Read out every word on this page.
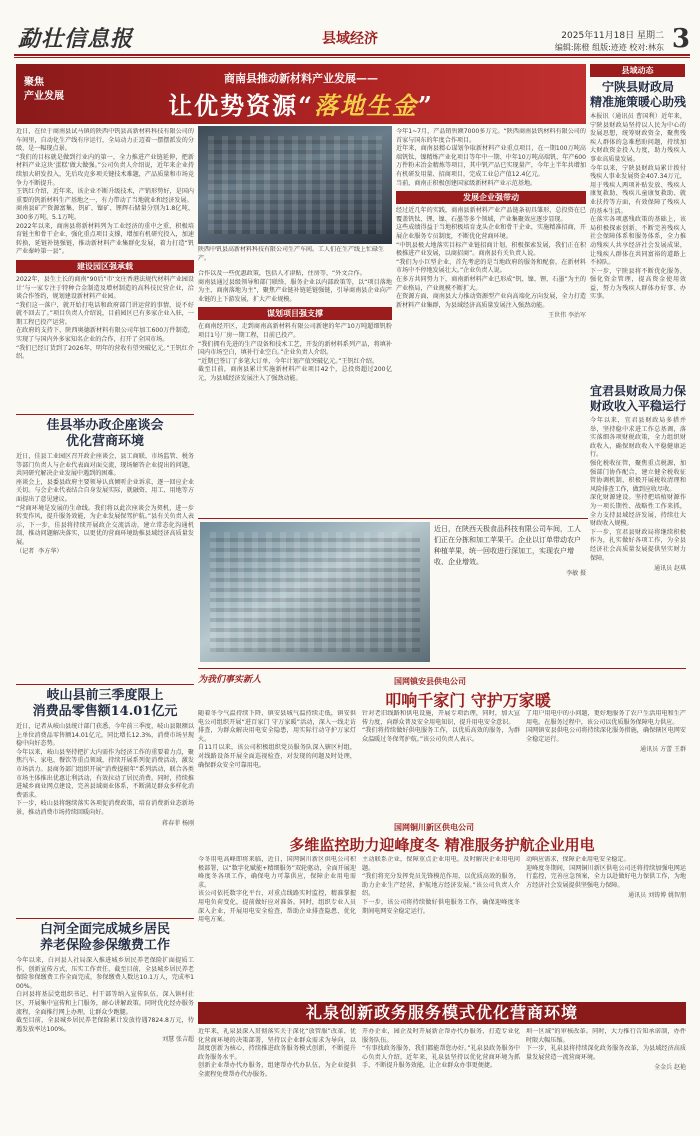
勐壮信息报	县域经济	2025年11月18日 星期二
编辑:陈橙 组版:迹迹 校对:林东 3
聚焦
产业发展
商南县推动新材料产业发展——
让优势资源“落地生金”
县域动态
近日，在位于商南县试马镇的陕西中钒县高新材料科技有限公司的车间里，自动化生产线有序运行，全局动力正迈着一摆摆派发的分级，是一幅现点景。
“我们的目标就是做到行业内的第一，全力推进产业链延伸，把新材料产业这块‘蛋糕’做大做强。”公司负责人介绍说，近年来企业持续加大研发投入，先后攻克多项关键技术难题，产品质量和市场竞争力不断提升。
王钒红介绍，近年来，该企业不断升级技术，产销形势好，是国内重要的钒新材料生产基地之一，有力带动了当地就业和经济发展。
商南县矿产资源富集，钒矿、镍矿、锂辉石储量分别为1.8亿吨、300多万吨、5.1万吨。
2022年以来，商南县将新材料列为工业经济的重中之重，积极培育链主和骨干企业，强化重点项目支撑，增加有机研究投入，加速转换，延链补链强链，推动新材料产业集群化发展，着力打造“钒产业秦岭第一县”。
建设园区强承载
2022年，县生土长的商南“90后”市‘文庄香港法规代材料产业园设计’与一家专注于特种合金制造及增材制造的高科技民营企业，洽谈合作签约，规划建设新材料产业园。
“我们这一落户，就开始打电话和政府部门讲运营的事情，说不好就不回去了。”项目负责人介绍说，目前园区已有多家企业入驻，一期工程已投产运营。
在政府的支持下，陕西奥德新材料有限公司年加工600万件制造，实现了与国内外多家知名企业的合作，打开了全国市场。
“我们已经订货到了2026年，明年的营收有望突破亿元。”王钒红介绍。
陕西中钒县高新材料科技有限公司生产车间。工人们在生产线上忙碌生产。
合作以及一些优惠政策，包括人才津贴，住房等，“外文合作。
商南县通过县级领导和部门联络，服务企业以内部政策等，以“项目落地为主、商南落地为主”，聚焦产业链补链延链强链，引导商南县企业向产业链的上下游发展，扩大产业规模。
谋划项目强支撑
在商南经开区，走到商南高新材料有限公司新建的年产10万吨超细钒粉项目1号厂房一期工程，目前已投产。
“我们拥有先进的生产设备和技术工艺，开发的新材料系列产品，将填补国内市场空白，填补行业空白。”企业负责人介绍。
“近期已签订了多笔大订单，今年计划产值突破亿元。”王钒红介绍。
截至目前，商南县累计实施新材料产业项目42个，总投资超过200亿元，为县域经济发展注入了强劲动能。
今年1~7月，产品销售额7000多万元。“陕西商南县钒材料有限公司的首家与国东的年度合作项目。
近年来，商南县精心谋划争取新材料产业重点项目，在一期100万吨高端钒钛、镍精炼产业化项目等年中一期、中年10万吨高端钒、年产600万件粉末冶金精炼等项目，其中钒产品已实现量产，今年上半年共增加有机研发用量、招商项目，完成工业总产值12.4亿元。
当前，商南正积极创建国家级新材料产业示范基地。
发展企业强带动
经过近几年的实践，商南县新材料产业产品链条初具雏形，总投资在已覆盖钒钛、锂、镍、石墨等多个领域，产业集聚效应逐步显现。
这些成绩得益于当地积极培育龙头企业和骨干企业，实施精准招商，开展企业服务专员制度，不断优化营商环境。
“中钒县极大地落实目标产业链招商计划，积极探索发展，我们正在积极推进产业发展，以商招商”。商南县有关负责人说。
“我们为小巨型企业，首先考虑的是当地政府的服务和配套，在新材料市场中不停地发展壮大。”企业负责人说。
在多方共同努力下，商南新材料产业已形成“钒、镍、锂、石墨”为主的产业格局，产业规模不断扩大。
在资源方面，商南县大力推动资源型产业向高端化方向发展，全力打造新材料产业集群，为县域经济高质量发展注入强劲动能。
王世伟 李治军
宁陕县财政局
精准施策暖心助残
本报讯（通讯员 曹国利）近年来，宁陕县财政局坚持以人民为中心的发展思想，统筹财政资金，聚焦残疾人群体的急难愁盼问题，持续加大财政资金投入力度，助力残疾人事业高质量发展。
今年以来，宁陕县财政局累计拨付残疾人事业发展资金407.34万元，用于残疾人两项补贴发放、残疾人康复救助、残疾儿童康复救助、就业扶持等方面，有效保障了残疾人的基本生活。
在落实各项惠残政策的基础上，该局积极探索创新，不断完善残疾人社会保障体系和服务体系，全力推动残疾人共享经济社会发展成果，让残疾人群体在共同富裕的道路上不掉队。
下一步，宁陕县将不断优化服务，强化资金管理，提高资金使用效益，努力为残疾人群体办好事、办实事。
宜君县财政局力保
财政收入平稳运行
今年以来，宜君县财政局多措并举，坚持稳中求进工作总基调，落实落细各项财税政策，全力组织财政收入，确保财政收入平稳健康运行。
强化税收征管，聚焦重点税源，加强部门协作配合，建立健全税收征管协调机制，积极开展税收清理和风险排查工作，做到应收尽收。
深化财源建设。坚持把培植财源作为一项长期性、战略性工作来抓，全力支持县域经济发展，持续壮大财政收入规模。
下一步，宜君县财政局将继续积极作为，扎实做好各项工作，为全县经济社会高质量发展提供坚实财力保障。
通讯员 赵琪
佳县举办政企座谈会
优化营商环境
近日，佳县工业园区召开政企座谈会，县工商联、市场监管、税务等部门负责人与企业代表面对面交流，现场解答企业提出的问题，共同研究解决企业发展中遇到的困难。
座谈会上，县委县政府主要领导认真倾听企业诉求，逐一回应企业关切。与会企业代表结合自身发展实际，就融资、用工、用地等方面提出了意见建议。
“营商环境是发展的生命线。我们将以此次座谈会为契机，进一步转变作风，提升服务效能，为企业发展保驾护航。”县有关负责人表示，下一步，佳县将持续开展政企交流活动，建立常态化沟通机制，推动问题解决落实，以更优的营商环境助推县域经济高质量发展。
（记者  李方华）
岐山县前三季度限上
消费品零售额14.01亿元
近日，记者从岐山县统计部门获悉，今年前三季度，岐山县限额以上单位消费品零售额14.01亿元，同比增长12.3%，消费市场呈现稳中向好态势。
今年以来，岐山县坚持把扩大内需作为经济工作的重要着力点，聚焦汽车、家电、餐饮等重点领域，持续开展系列促消费活动，激发市场活力。县商务部门组织开展“消费提振年”系列活动，联合各类市场主体推出优惠让利活动，有效拉动了居民消费。同时，持续推进城乡商业网点建设，完善县域商业体系，不断满足群众多样化消费需求。
下一步，岐山县将继续落实各项促消费政策，培育消费新业态新场景，推动消费市场持续回暖向好。
蒋春菲 杨刚
白河全面完成城乡居民
养老保险参保缴费工作
今年以来，白河县人社局深入推进城乡居民养老保险扩面提质工作，创新宣传方式，压实工作责任，截至目前，全县城乡居民养老保险参保缴费工作全面完成，参保缴费人数达10.1万人，完成率100%。
白河县将基层党组织书记、村干部等纳入宣传队伍，深入镇村社区，开展集中宣传和上门服务，耐心讲解政策。同时优化经办服务流程，全面推行网上办理，让群众少跑腿。
截至目前，全县城乡居民养老保险累计发放待遇7824.8万元，待遇发放率达100%。
刘慧 张吉超
近日，在陕西天极食品科技有限公司车间，工人们正在分拣和加工苹果干。企业以订单带动农户种植苹果，统一回收进行深加工，实现农户增收、企业增效。
李敏 摄
为我们事实新人	国网镇安县供电公司
叩响千家门 守护万家暖
随着冬令气温持续下降，镇安县城气温持续走低，镇安供电公司组织开展“进百家门 守万家暖”活动，深入一线走访排查，为群众解决用电安全隐患，用实际行动守护万家灯火。
自11月以来，该公司积极组织党员服务队深入辖区村组，对线路设备开展全面巡视检查，对发现的问题及时处理，确保群众安全可靠用电。
针对老旧线路和供电设施，开展专项治理，同时，加大宣传力度，向群众普及安全用电知识，提升用电安全意识。
“我们将持续做好供电服务工作，以优质高效的服务，为群众温暖过冬保驾护航。”该公司负责人表示。
了用户用电中的小问题，更好地服务了农户生活用电和生产用电。在服务过程中，该公司以优质服务保障电力供应。
国网镇安县供电公司将持续深化服务措施，确保辖区电网安全稳定运行。
通讯员 方蕾 王群
国网铜川新区供电公司
多维监控助力迎峰度冬 精准服务护航企业用电
今冬用电高峰即将来临，近日，国网铜川新区供电公司积极部署，以“数字化赋能+精细服务”双轮驱动，全面开展迎峰度冬各项工作，确保电力可靠供应，保障企业用电需求。
该公司依托数字化平台，对重点线路实时监控，精准掌握用电负荷变化，提前做好应对准备。同时，组织专业人员深入企业，开展用电安全检查，帮助企业排查隐患，优化用电方案。
主动联系企业，保障重点企业用电，及时解决企业用电问题。
“我们将充分发挥党员先锋模范作用，以优质高效的服务，助力企业生产经营，护航地方经济发展。”该公司负责人介绍。
下一步，该公司将持续做好供电服务工作，确保迎峰度冬期间电网安全稳定运行。
动响应需求，保障企业用电安全稳定。
迎峰度冬期间，国网铜川新区供电公司还将持续加强电网运行监控，完善应急预案，全力以赴做好电力保供工作，为地方经济社会发展提供坚强电力保障。
通讯员 刘铸博 姚智朋
礼泉创新政务服务模式优化营商环境
近年来，礼泉县深入贯彻落实关于深化“放管服”改革、优化营商环境的决策部署，坚持以企业群众需求为导向，以制度创新为核心，持续推进政务服务模式创新，不断提升政务服务水平。
创新企业帮办代办服务，组建帮办代办队伍，为企业提供全流程免费帮办代办服务。
开办企业，园企及时开展新企帮办代办服务，打造专业化服务队伍。
“有事找政务服务，我们都能帮您办好。”礼泉县政务服务中心负责人介绍，近年来，礼泉县坚持以优化营商环境为抓手，不断提升服务效能，让企业群众办事更便捷。
圳一区域”的审核改革。同时，大力推行告知承诺制，办件时限大幅压缩。
下一步，礼泉县将持续深化政务服务改革，为县域经济高质量发展营造一流营商环境。
全金兵 赵艳
